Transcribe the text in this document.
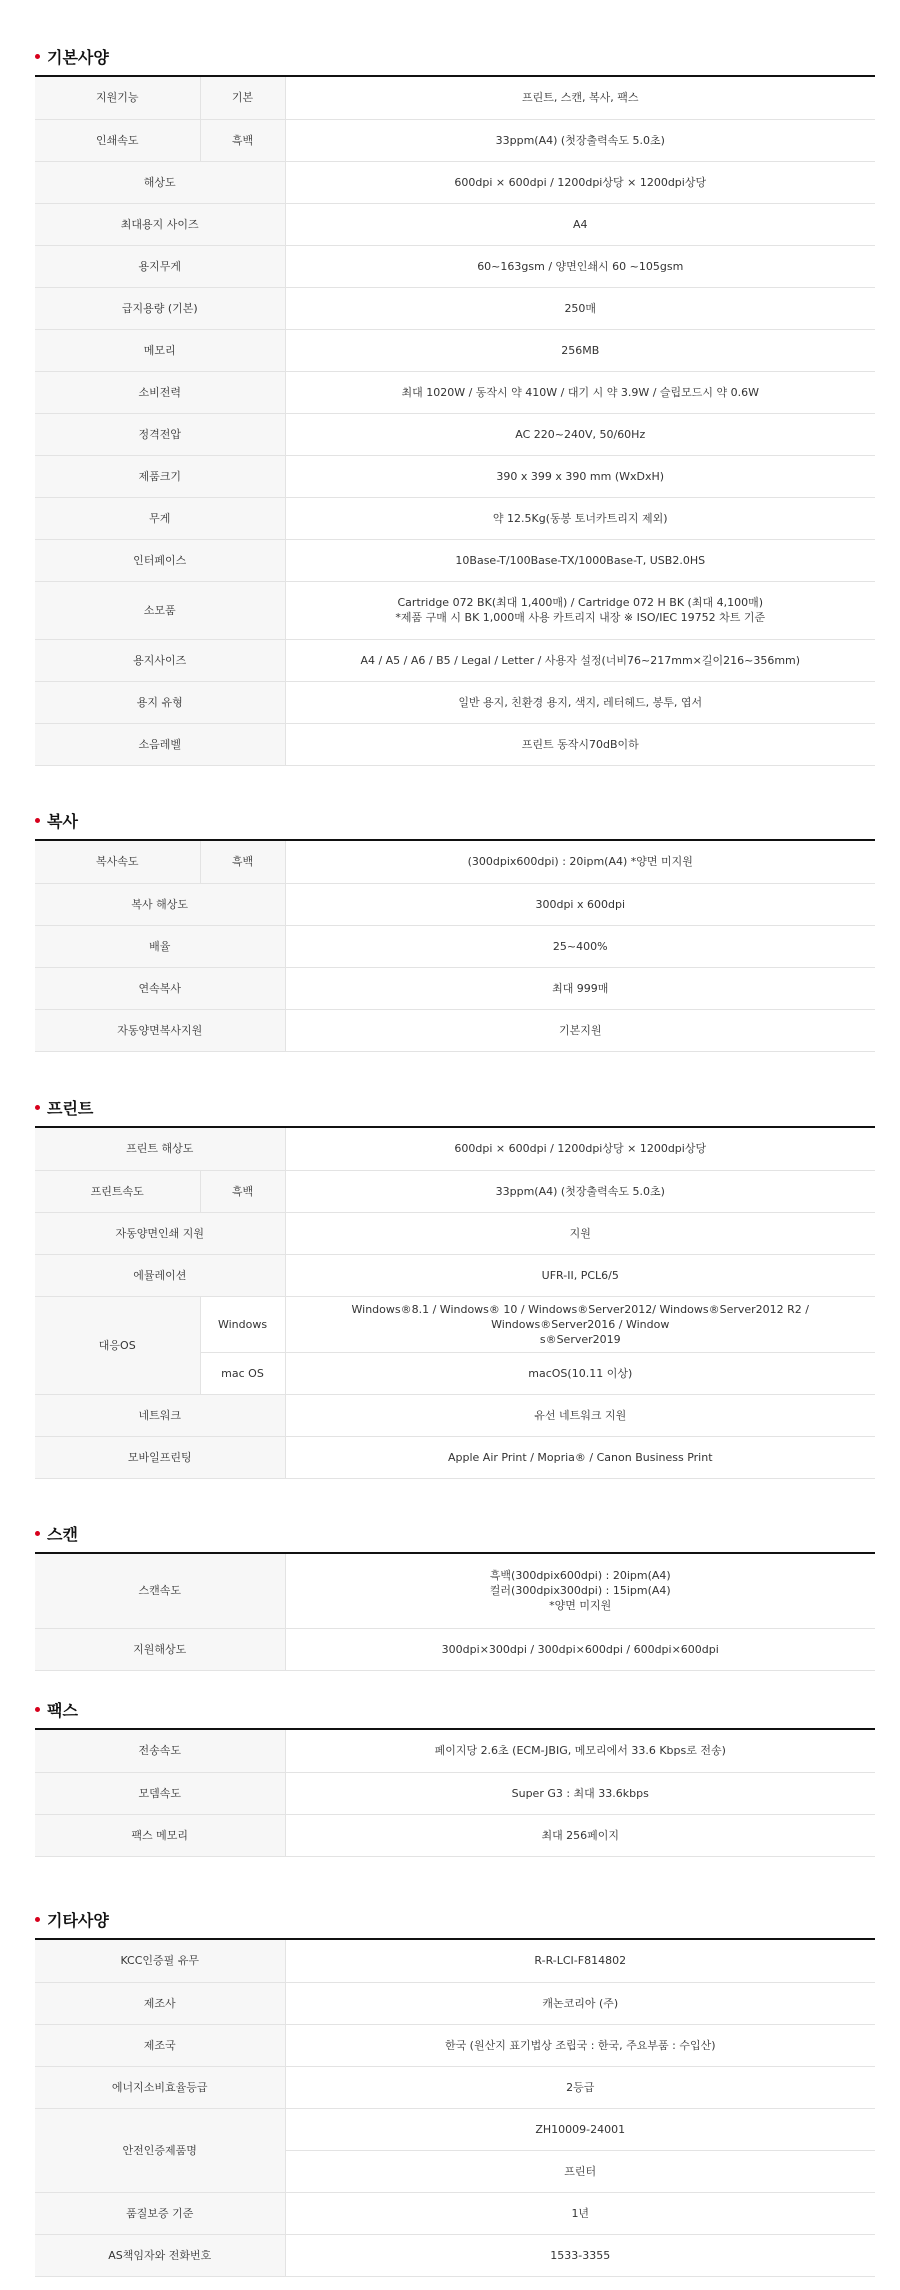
기본사양
지원기능	기본	프린트, 스캔, 복사, 팩스
인쇄속도	흑백	33ppm(A4) (첫장출력속도 5.0초)
해상도		600dpi × 600dpi / 1200dpi상당 × 1200dpi상당
최대용지 사이즈		A4
용지무게		60~163gsm / 양면인쇄시 60 ~105gsm
급지용량 (기본)		250매
메모리		256MB
소비전력		최대 1020W / 동작시 약 410W / 대기 시 약 3.9W / 슬립모드시 약 0.6W
정격전압		AC 220~240V, 50/60Hz
제품크기		390 x 399 x 390 mm (WxDxH)
무게		약 12.5Kg(동봉 토너카트리지 제외)
인터페이스		10Base-T/100Base-TX/1000Base-T, USB2.0HS
소모품		Cartridge 072 BK(최대 1,400매) / Cartridge 072 H BK (최대 4,100매)
*제품 구매 시 BK 1,000매 사용 카트리지 내장 ※ ISO/IEC 19752 차트 기준

용지사이즈		A4 / A5 / A6 / B5 / Legal / Letter / 사용자 설정(너비76~217mm×길이216~356mm)
용지 유형		일반 용지, 친환경 용지, 색지, 레터헤드, 봉투, 엽서
소음레벨		프린트 동작시70dB이하
복사
복사속도	흑백	(300dpix600dpi) : 20ipm(A4) *양면 미지원
복사 해상도		300dpi x 600dpi
배율		25~400%
연속복사		최대 999매
자동양면복사지원		기본지원
프린트
프린트 해상도		600dpi × 600dpi / 1200dpi상당 × 1200dpi상당
프린트속도	흑백	33ppm(A4) (첫장출력속도 5.0초)
자동양면인쇄 지원		지원
에뮬레이션		UFR-II, PCL6/5
대응OS	Windows	Windows®8.1 / Windows® 10 / Windows®Server2012/ Windows®Server2012 R2 / Windows®Server2016 / Window
s®Server2019

	mac OS	macOS(10.11 이상)
네트워크		유선 네트워크 지원
모바일프린팅		Apple Air Print / Mopria® / Canon Business Print
스캔
스캔속도	흑백(300dpix600dpi) : 20ipm(A4)
컬러(300dpix300dpi) : 15ipm(A4)
*양면 미지원

지원해상도	300dpi×300dpi / 300dpi×600dpi / 600dpi×600dpi
팩스
전송속도	페이지당 2.6초 (ECM-JBIG, 메모리에서 33.6 Kbps로 전송)
모뎀속도	Super G3 : 최대 33.6kbps
팩스 메모리	최대 256페이지
기타사양
KCC인증필 유무	R-R-LCI-F814802
제조사	캐논코리아 (주)
제조국	한국 (원산지 표기법상 조립국 : 한국, 주요부품 : 수입산)
에너지소비효율등급	2등급
안전인증제품명	ZH10009-24001
	프린터
품질보증 기준	1년
AS책임자와 전화번호	1533-3355
